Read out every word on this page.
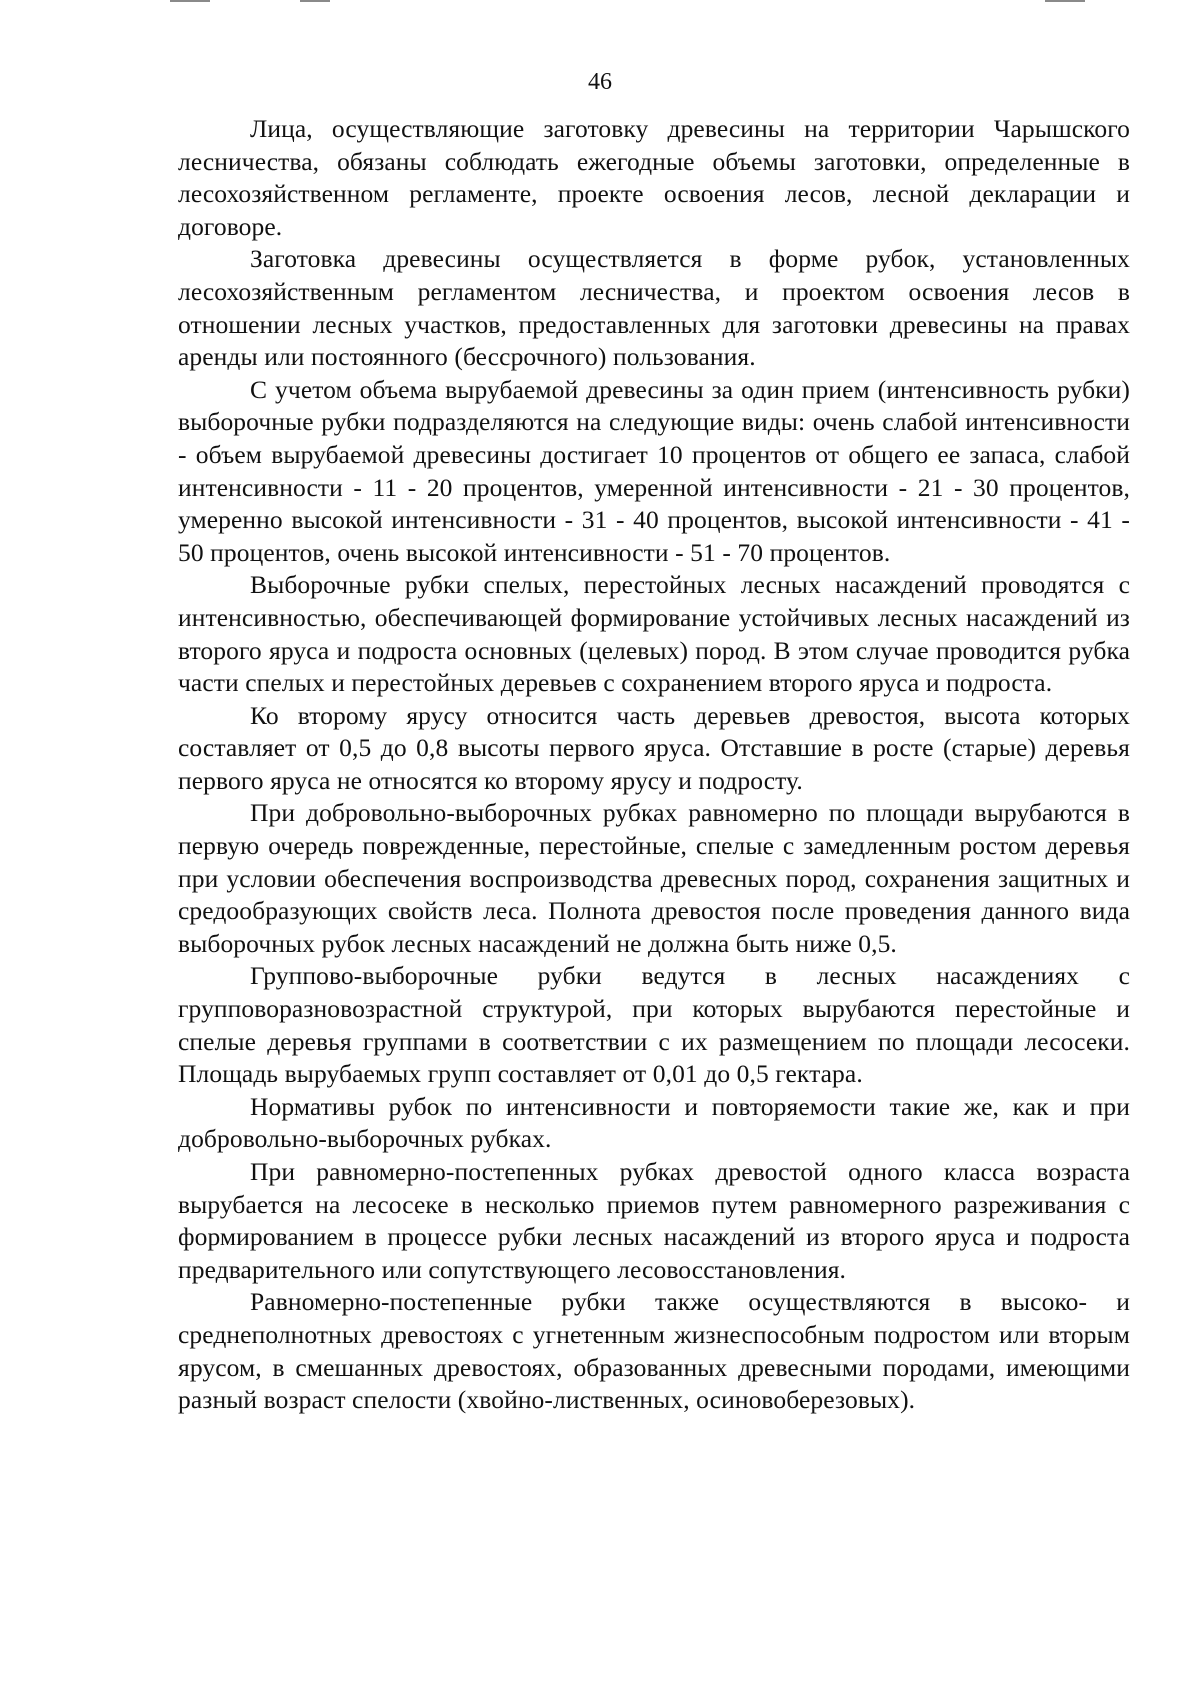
46

Лица, осуществляющие заготовку древесины на территории Чарышского лесничества, обязаны соблюдать ежегодные объемы заготовки, определенные в лесохозяйственном регламенте, проекте освоения лесов, лесной декларации и договоре.

Заготовка древесины осуществляется в форме рубок, установленных лесохозяйственным регламентом лесничества, и проектом освоения лесов в отношении лесных участков, предоставленных для заготовки древесины на правах аренды или постоянного (бессрочного) пользования.

С учетом объема вырубаемой древесины за один прием (интенсивность рубки) выборочные рубки подразделяются на следующие виды: очень слабой интенсивности - объем вырубаемой древесины достигает 10 процентов от общего ее запаса, слабой интенсивности - 11 - 20 процентов, умеренной интенсивности - 21 - 30 процентов, умеренно высокой интенсивности - 31 - 40 процентов, высокой интенсивности - 41 - 50 процентов, очень высокой интенсивности - 51 - 70 процентов.

Выборочные рубки спелых, перестойных лесных насаждений проводятся с интенсивностью, обеспечивающей формирование устойчивых лесных насаждений из второго яруса и подроста основных (целевых) пород. В этом случае проводится рубка части спелых и перестойных деревьев с сохранением второго яруса и подроста.

Ко второму ярусу относится часть деревьев древостоя, высота которых составляет от 0,5 до 0,8 высоты первого яруса. Отставшие в росте (старые) деревья первого яруса не относятся ко второму ярусу и подросту.

При добровольно-выборочных рубках равномерно по площади вырубаются в первую очередь поврежденные, перестойные, спелые с замедленным ростом деревья при условии обеспечения воспроизводства древесных пород, сохранения защитных и средообразующих свойств леса. Полнота древостоя после проведения данного вида выборочных рубок лесных насаждений не должна быть ниже 0,5.

Группово-выборочные рубки ведутся в лесных насаждениях с групповоразновозрастной структурой, при которых вырубаются перестойные и спелые деревья группами в соответствии с их размещением по площади лесосеки. Площадь вырубаемых групп составляет от 0,01 до 0,5 гектара.

Нормативы рубок по интенсивности и повторяемости такие же, как и при добровольно-выборочных рубках.

При равномерно-постепенных рубках древостой одного класса возраста вырубается на лесосеке в несколько приемов путем равномерного разреживания с формированием в процессе рубки лесных насаждений из второго яруса и подроста предварительного или сопутствующего лесовосстановления.

Равномерно-постепенные рубки также осуществляются в высоко- и среднеполнотных древостоях с угнетенным жизнеспособным подростом или вторым ярусом, в смешанных древостоях, образованных древесными породами, имеющими разный возраст спелости (хвойно-лиственных, осиновоберезовых).
